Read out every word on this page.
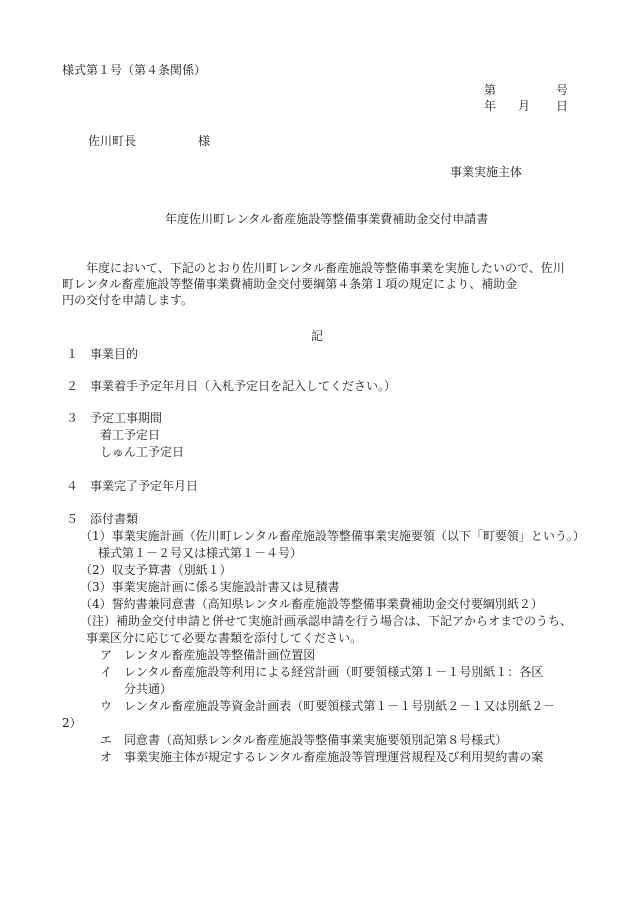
様式第１号（第４条関係）
第	号
年 月 日
佐川町長	様
事業実施主体
年度佐川町レンタル畜産施設等整備事業費補助金交付申請書
年度において、下記のとおり佐川町レンタル畜産施設等整備事業を実施したいので、佐川
町レンタル畜産施設等整備事業費補助金交付要綱第４条第１項の規定により、補助金
円の交付を申請します。
記
１　事業目的
２　事業着手予定年月日（入札予定日を記入してください。）
３　予定工事期間
着工予定日
しゅん工予定日
４　事業完了予定年月日
５　添付書類
（1）事業実施計画（佐川町レンタル畜産施設等整備事業実施要領（以下「町要領」という。）
様式第１－２号又は様式第１－４号）
（2）収支予算書（別紙１）
（3）事業実施計画に係る実施設計書又は見積書
（4）誓約書兼同意書（高知県レンタル畜産施設等整備事業費補助金交付要綱別紙２）
（注）補助金交付申請と併せて実施計画承認申請を行う場合は、下記アからオまでのうち、
事業区分に応じて必要な書類を添付してください。
ア　レンタル畜産施設等整備計画位置図
イ　レンタル畜産施設等利用による経営計画（町要領様式第１－１号別紙１：各区
分共通）
ウ　レンタル畜産施設等資金計画表（町要領様式第１－１号別紙２－１又は別紙２－
2）
エ　同意書（高知県レンタル畜産施設等整備事業実施要領別記第８号様式）
オ　事業実施主体が規定するレンタル畜産施設等管理運営規程及び利用契約書の案
